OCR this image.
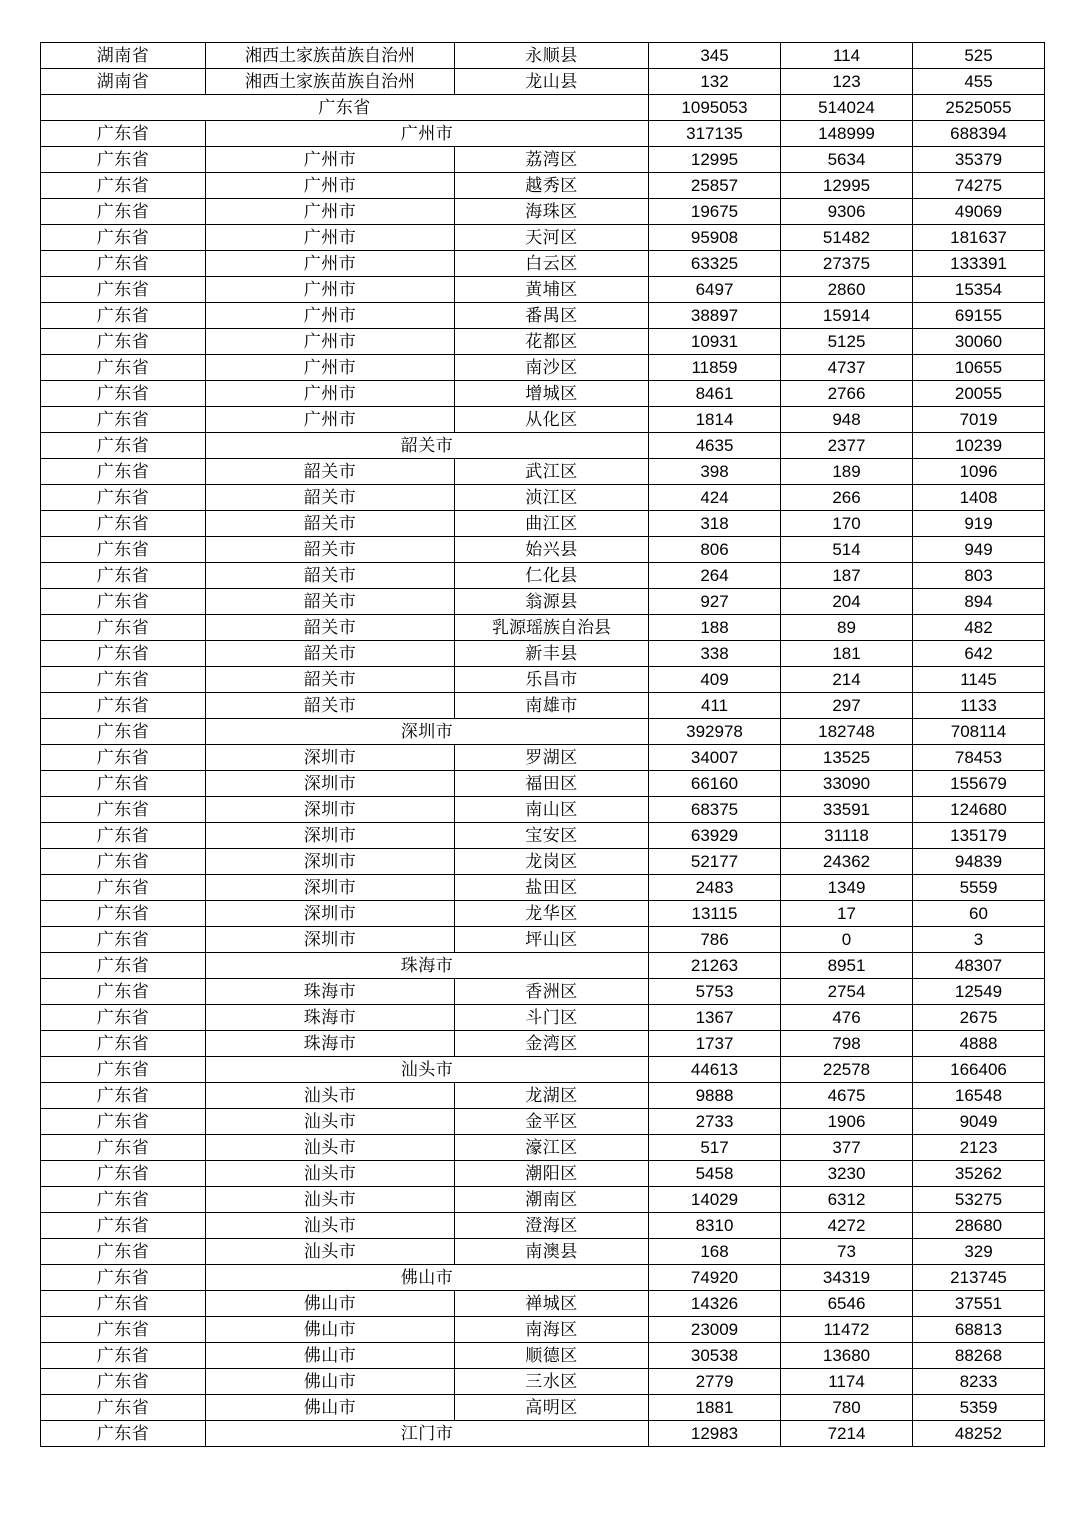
湖南省	湘西土家族苗族自治州	永顺县	345	114	525
湖南省	湘西土家族苗族自治州	龙山县	132	123	455
广东省			1095053	514024	2525055
广东省	广州市		317135	148999	688394
广东省	广州市	荔湾区	12995	5634	35379
广东省	广州市	越秀区	25857	12995	74275
广东省	广州市	海珠区	19675	9306	49069
广东省	广州市	天河区	95908	51482	181637
广东省	广州市	白云区	63325	27375	133391
广东省	广州市	黄埔区	6497	2860	15354
广东省	广州市	番禺区	38897	15914	69155
广东省	广州市	花都区	10931	5125	30060
广东省	广州市	南沙区	11859	4737	10655
广东省	广州市	增城区	8461	2766	20055
广东省	广州市	从化区	1814	948	7019
广东省	韶关市		4635	2377	10239
广东省	韶关市	武江区	398	189	1096
广东省	韶关市	浈江区	424	266	1408
广东省	韶关市	曲江区	318	170	919
广东省	韶关市	始兴县	806	514	949
广东省	韶关市	仁化县	264	187	803
广东省	韶关市	翁源县	927	204	894
广东省	韶关市	乳源瑶族自治县	188	89	482
广东省	韶关市	新丰县	338	181	642
广东省	韶关市	乐昌市	409	214	1145
广东省	韶关市	南雄市	411	297	1133
广东省	深圳市		392978	182748	708114
广东省	深圳市	罗湖区	34007	13525	78453
广东省	深圳市	福田区	66160	33090	155679
广东省	深圳市	南山区	68375	33591	124680
广东省	深圳市	宝安区	63929	31118	135179
广东省	深圳市	龙岗区	52177	24362	94839
广东省	深圳市	盐田区	2483	1349	5559
广东省	深圳市	龙华区	13115	17	60
广东省	深圳市	坪山区	786	0	3
广东省	珠海市		21263	8951	48307
广东省	珠海市	香洲区	5753	2754	12549
广东省	珠海市	斗门区	1367	476	2675
广东省	珠海市	金湾区	1737	798	4888
广东省	汕头市		44613	22578	166406
广东省	汕头市	龙湖区	9888	4675	16548
广东省	汕头市	金平区	2733	1906	9049
广东省	汕头市	濠江区	517	377	2123
广东省	汕头市	潮阳区	5458	3230	35262
广东省	汕头市	潮南区	14029	6312	53275
广东省	汕头市	澄海区	8310	4272	28680
广东省	汕头市	南澳县	168	73	329
广东省	佛山市		74920	34319	213745
广东省	佛山市	禅城区	14326	6546	37551
广东省	佛山市	南海区	23009	11472	68813
广东省	佛山市	顺德区	30538	13680	88268
广东省	佛山市	三水区	2779	1174	8233
广东省	佛山市	高明区	1881	780	5359
广东省	江门市		12983	7214	48252
